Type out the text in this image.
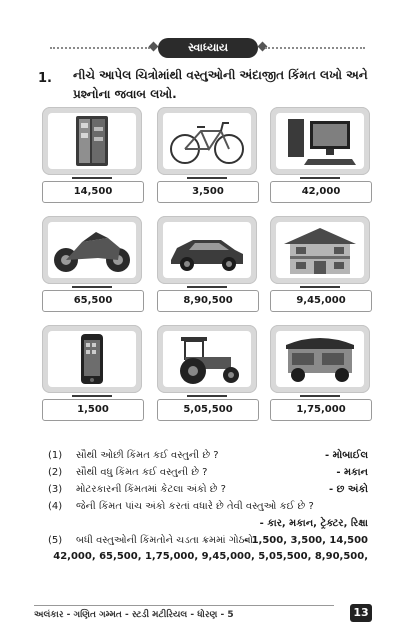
સ્વાધ્યાય
1. નીચે આપેલ ચિત્રોમાંથી વસ્તુઓની અંદાજીત કિંમત લખો અને પ્રશ્નોના જવાબ લખો.
14,500	3,500	42,000
65,500	8,90,500	9,45,000
1,500	5,05,500	1,75,000
(1) સૌથી ઓછી કિંમત કઈ વસ્તુની છે ?	- મોબાઈલ
(2) સૌથી વધુ કિંમત કઈ વસ્તુની છે ?	- મકાન
(3) મોટરકારની કિંમતમાં કેટલા અંકો છે ?	- છ અંકો
(4) જેની કિંમત પાંચ અંકો કરતાં વધારે છે તેવી વસ્તુઓ કઈ છે ?
- કાર, મકાન, ટ્રેક્ટર, રિક્ષા
(5) બધી વસ્તુઓની કિંમતોને ચડતા ક્રમમાં ગોઠવો.
- 1,500, 3,500, 14,500
42,000, 65,500, 1,75,000, 9,45,000, 5,05,500, 8,90,500,
અલંકાર - ગણિત ગમ્મત - સ્ટડી મટીરિયલ - ધોરણ - 5	13
